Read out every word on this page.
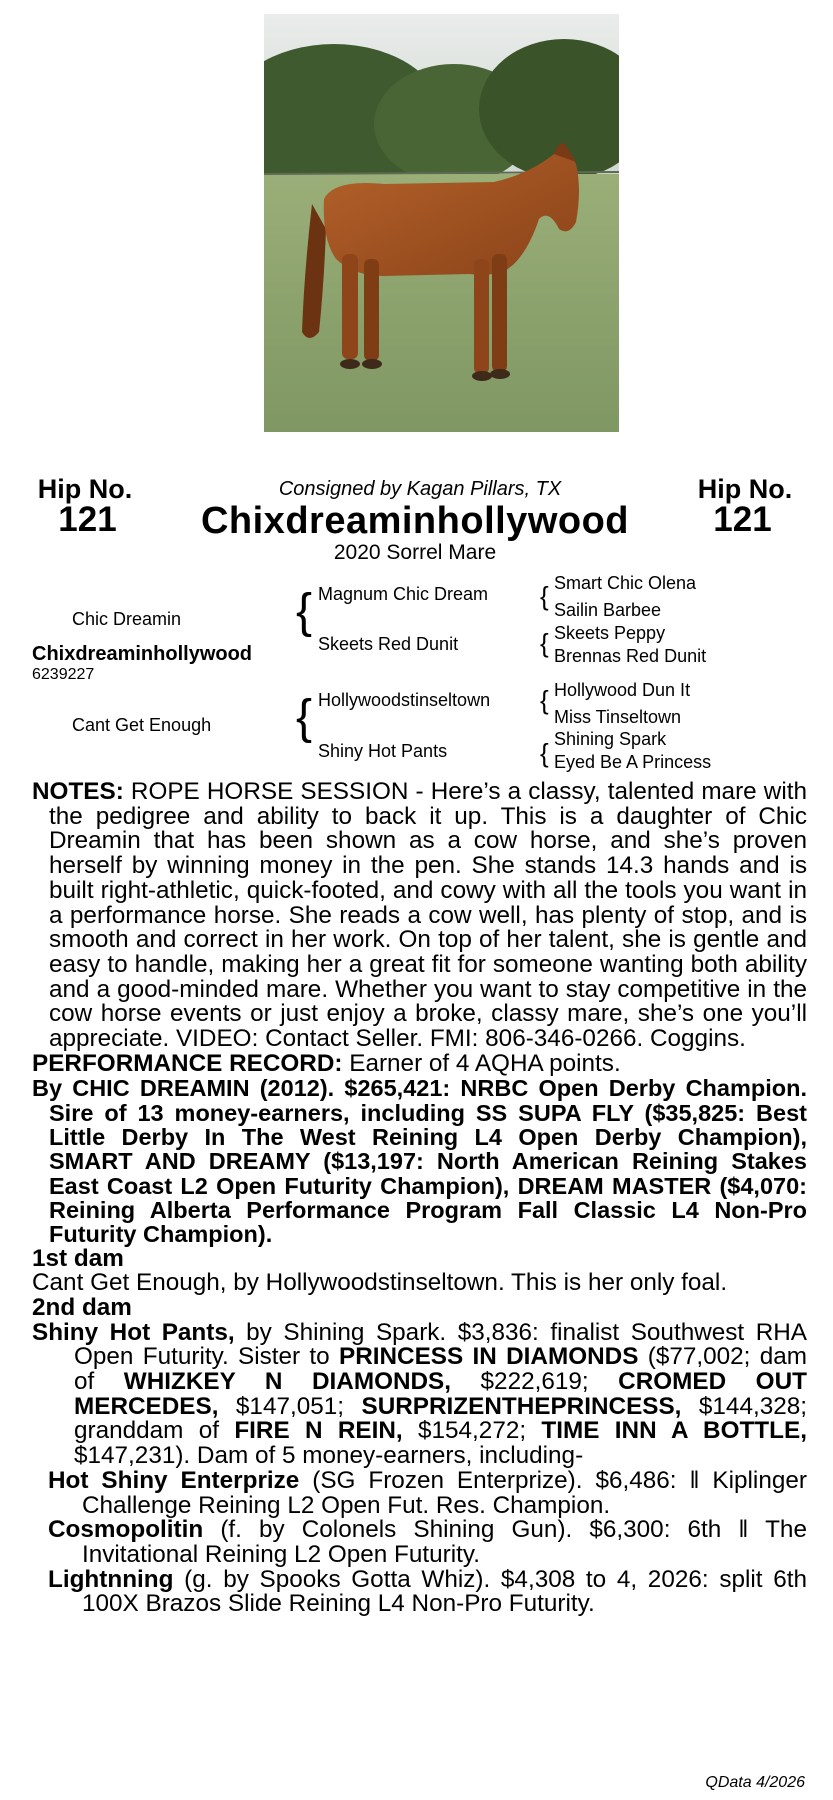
Hip No.
121
Consigned by Kagan Pillars, TX	Hip No.
121
Chixdreaminhollywood
2020 Sorrel Mare
Chic Dreamin
Chixdreaminhollywood
6239227
Cant Get Enough
{
{
Magnum Chic Dream
Skeets Red Dunit
Hollywoodstinseltown
Shiny Hot Pants
{
{
{
{
Smart Chic Olena
Sailin Barbee
Skeets Peppy
Brennas Red Dunit
Hollywood Dun It
Miss Tinseltown
Shining Spark
Eyed Be A Princess

NOTES: ROPE HORSE SESSION - Here’s a classy, talented mare with the pedigree and ability to back it up. This is a daughter of Chic Dreamin that has been shown as a cow horse, and she’s proven herself by winning money in the pen. She stands 14.3 hands and is built right-athletic, quick-footed, and cowy with all the tools you want in a performance horse. She reads a cow well, has plenty of stop, and is smooth and correct in her work. On top of her talent, she is gentle and easy to handle, making her a great fit for someone wanting both ability and a good-minded mare. Whether you want to stay competitive in the cow horse events or just enjoy a broke, classy mare, she’s one you’ll appreciate. VIDEO: Contact Seller. FMI: 806-346-0266. Coggins.

PERFORMANCE RECORD: Earner of 4 AQHA points.

By CHIC DREAMIN (2012). $265,421: NRBC Open Derby Champion. Sire of 13 money-earners, including SS SUPA FLY ($35,825: Best Little Derby In The West Reining L4 Open Derby Champion), SMART AND DREAMY ($13,197: North American Reining Stakes East Coast L2 Open Futurity Champion), DREAM MASTER ($4,070: Reining Alberta Performance Program Fall Classic L4 Non-Pro Futurity Champion).

1st dam

Cant Get Enough, by Hollywoodstinseltown. This is her only foal.

2nd dam

Shiny Hot Pants, by Shining Spark. $3,836: finalist Southwest RHA Open Futurity. Sister to PRINCESS IN DIAMONDS ($77,002; dam of WHIZKEY N DIAMONDS, $222,619; CROMED OUT MERCEDES, $147,051; SURPRIZENTHEPRINCESS, $144,328; granddam of FIRE N REIN, $154,272; TIME INN A BOTTLE, $147,231). Dam of 5 money-earners, including-

Hot Shiny Enterprize (SG Frozen Enterprize). $6,486: ‖ Kiplinger Challenge Reining L2 Open Fut. Res. Champion.

Cosmopolitin (f. by Colonels Shining Gun). $6,300: 6th ‖ The Invitational Reining L2 Open Futurity.

Lightnning (g. by Spooks Gotta Whiz). $4,308 to 4, 2026: split 6th 100X Brazos Slide Reining L4 Non-Pro Futurity.

QData 4/2026
